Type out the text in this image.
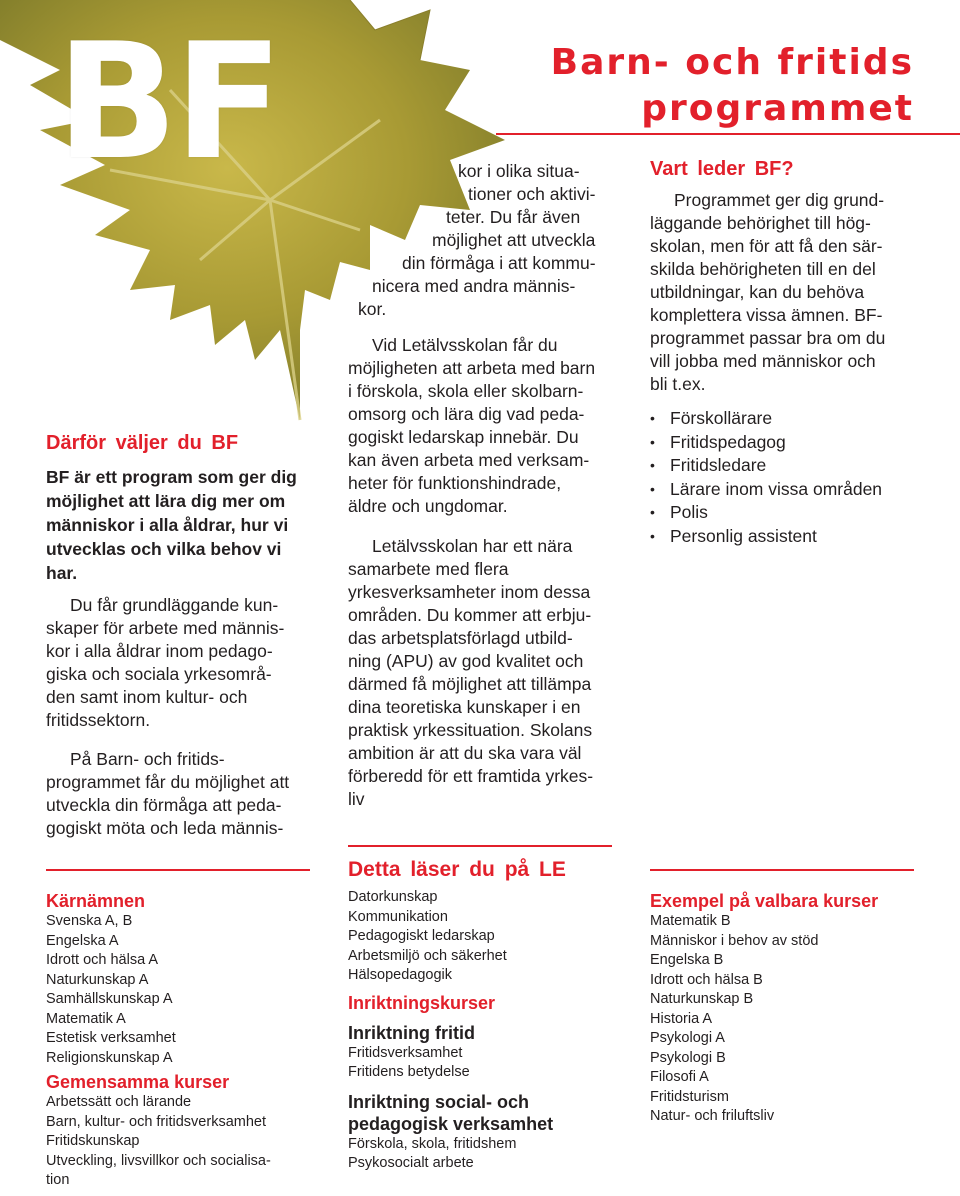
BF	Barn- och fritids
programmet
Därför väljer du BF
BF är ett program som ger dig möjlighet att lära dig mer om människor i alla åldrar, hur vi utvecklas och vilka behov vi har.

Du får grundläggande kun-

skaper för arbete med männis-

kor i alla åldrar inom pedago-

giska och sociala yrkesområ-

den samt inom kultur- och

fritidssektorn.

På Barn- och fritids-

programmet får du möjlighet att

utveckla din förmåga att peda-

gogiskt möta och leda männis-

kor i olika situa-

tioner och aktivi-

teter. Du får även

möjlighet att utveckla

din förmåga i att kommu-

nicera med andra männis-

kor.

Vid Letälvsskolan får du

möjligheten att arbeta med barn

i förskola, skola eller skolbarn-

omsorg och lära dig vad peda-

gogiskt ledarskap innebär. Du

kan även arbeta med verksam-

heter för funktionshindrade,

äldre och ungdomar.

Letälvsskolan har ett nära

samarbete med flera

yrkesverksamheter inom dessa

områden. Du kommer att erbju-

das arbetsplatsförlagd utbild-

ning (APU) av god kvalitet och

därmed få möjlighet att tillämpa

dina teoretiska kunskaper i en

praktisk yrkessituation. Skolans

ambition är att du ska vara väl

förberedd för ett framtida yrkes-

liv

Vart leder BF?

Programmet ger dig grund-

läggande behörighet till hög-

skolan, men för att få den sär-

skilda behörigheten till en del

utbildningar, kan du behöva

komplettera vissa ämnen. BF-

programmet passar bra om du

vill jobba med människor och

bli t.ex.

• Förskollärare
• Fritidspedagog
• Fritidsledare
• Lärare inom vissa områden
• Polis
• Personlig assistent

Kärnämnen

Svenska A, B
Engelska A
Idrott och hälsa A
Naturkunskap A
Samhällskunskap A
Matematik A
Estetisk verksamhet
Religionskunskap A

Gemensamma kurser

Arbetssätt och lärande
Barn, kultur- och fritidsverksamhet
Fritidskunskap
Utveckling, livsvillkor och socialisa-
tion

Detta läser du på LE

Datorkunskap
Kommunikation
Pedagogiskt ledarskap
Arbetsmiljö och säkerhet
Hälsopedagogik

Inriktningskurser

Inriktning fritid

Fritidsverksamhet
Fritidens betydelse

Inriktning social- och
pedagogisk verksamhet

Förskola, skola, fritidshem
Psykosocialt arbete

Exempel på valbara kurser

Matematik B
Människor i behov av stöd
Engelska B
Idrott och hälsa B
Naturkunskap B
Historia A
Psykologi A
Psykologi B
Filosofi A
Fritidsturism
Natur- och friluftsliv
